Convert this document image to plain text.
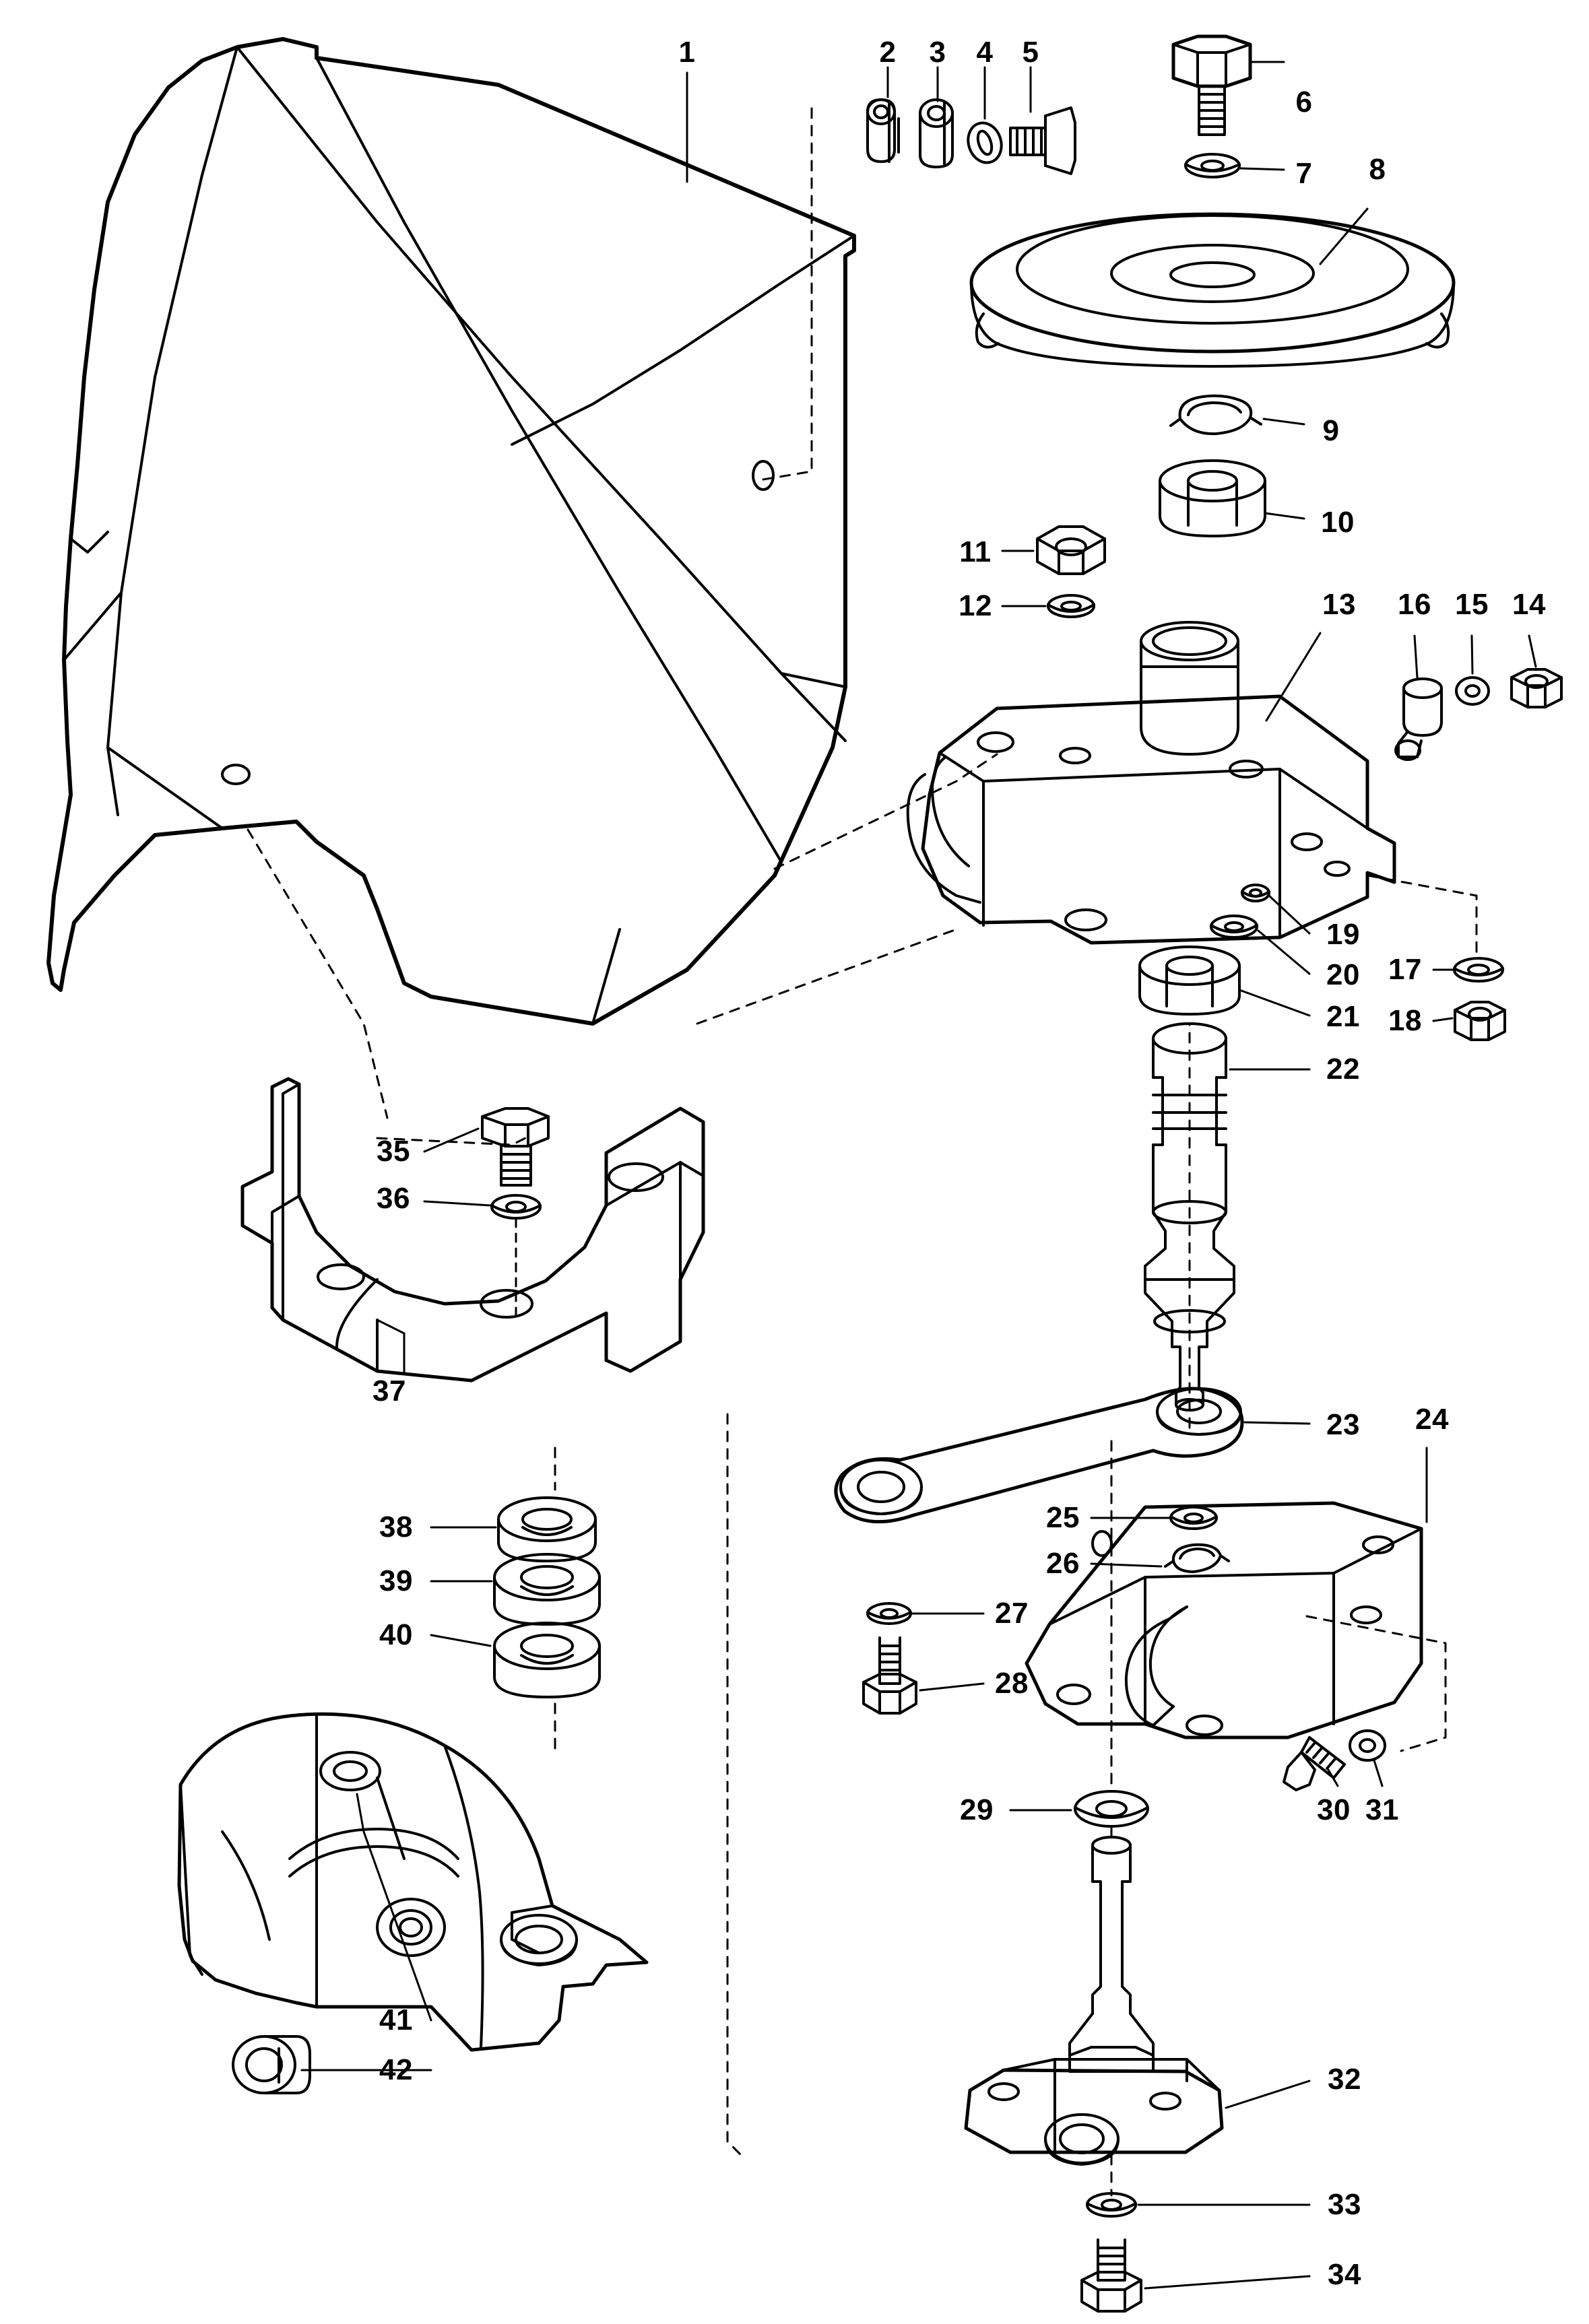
1	2 3 4 5
6
7 8
9
10
11
12	13	14
15
16
17
18
19
20
21
22
23 24
25
26
27
28
29	30 31
32
33
34
35
36
37
38
39
40
41
42
